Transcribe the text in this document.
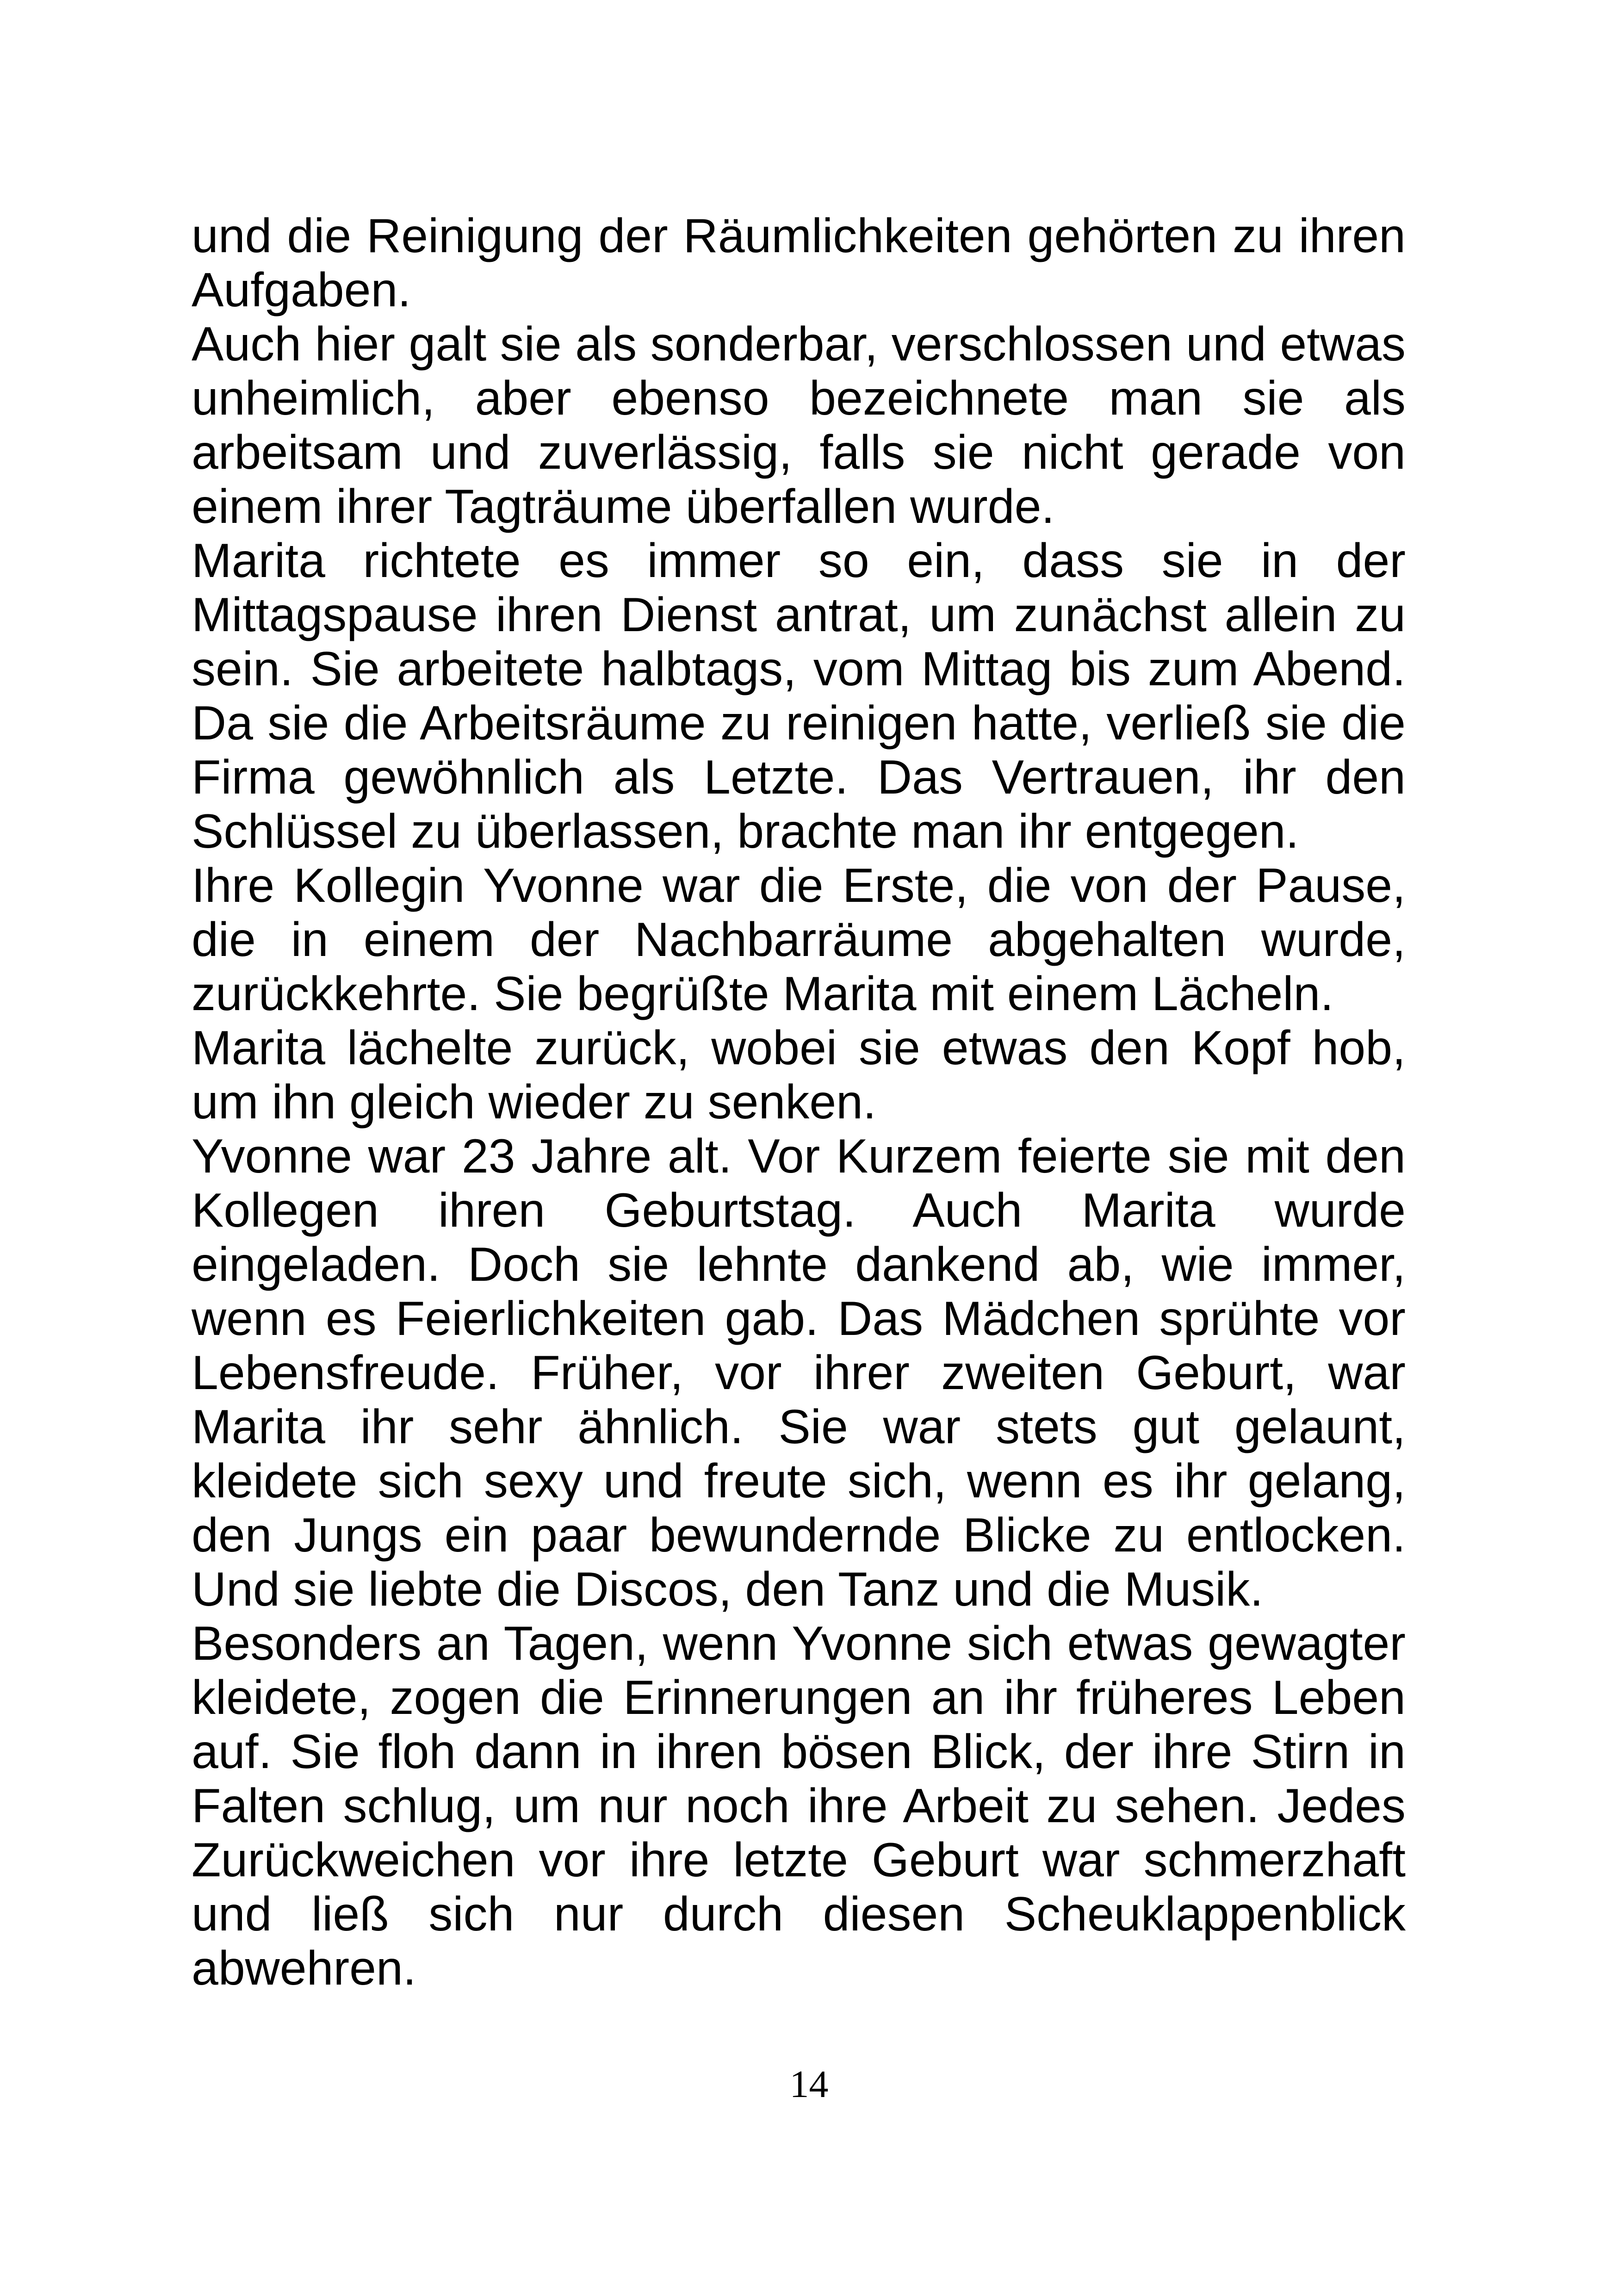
und die Reinigung der Räumlichkeiten gehörten zu ihren Aufgaben.

Auch hier galt sie als sonderbar, verschlossen und etwas unheimlich, aber ebenso bezeichnete man sie als arbeitsam und zuverlässig, falls sie nicht gerade von einem ihrer Tagträume überfallen wurde.

Marita richtete es immer so ein, dass sie in der Mittagspause ihren Dienst antrat, um zunächst allein zu sein. Sie arbeitete halbtags, vom Mittag bis zum Abend. Da sie die Arbeitsräume zu reinigen hatte, verließ sie die Firma gewöhnlich als Letzte. Das Vertrauen, ihr den Schlüssel zu überlassen, brachte man ihr entgegen.

Ihre Kollegin Yvonne war die Erste, die von der Pause, die in einem der Nachbarräume abgehalten wurde, zurückkehrte. Sie begrüßte Marita mit einem Lächeln.

Marita lächelte zurück, wobei sie etwas den Kopf hob, um ihn gleich wieder zu senken.

Yvonne war 23 Jahre alt. Vor Kurzem feierte sie mit den Kollegen ihren Geburtstag. Auch Marita wurde eingeladen. Doch sie lehnte dankend ab, wie immer, wenn es Feierlichkeiten gab. Das Mädchen sprühte vor Lebensfreude. Früher, vor ihrer zweiten Geburt, war Marita ihr sehr ähnlich. Sie war stets gut gelaunt, kleidete sich sexy und freute sich, wenn es ihr gelang, den Jungs ein paar bewundernde Blicke zu entlocken. Und sie liebte die Discos, den Tanz und die Musik.

Besonders an Tagen, wenn Yvonne sich etwas gewagter kleidete, zogen die Erinnerungen an ihr früheres Leben auf. Sie floh dann in ihren bösen Blick, der ihre Stirn in Falten schlug, um nur noch ihre Arbeit zu sehen. Jedes Zurückweichen vor ihre letzte Geburt war schmerzhaft und ließ sich nur durch diesen Scheuklappenblick abwehren.

14
